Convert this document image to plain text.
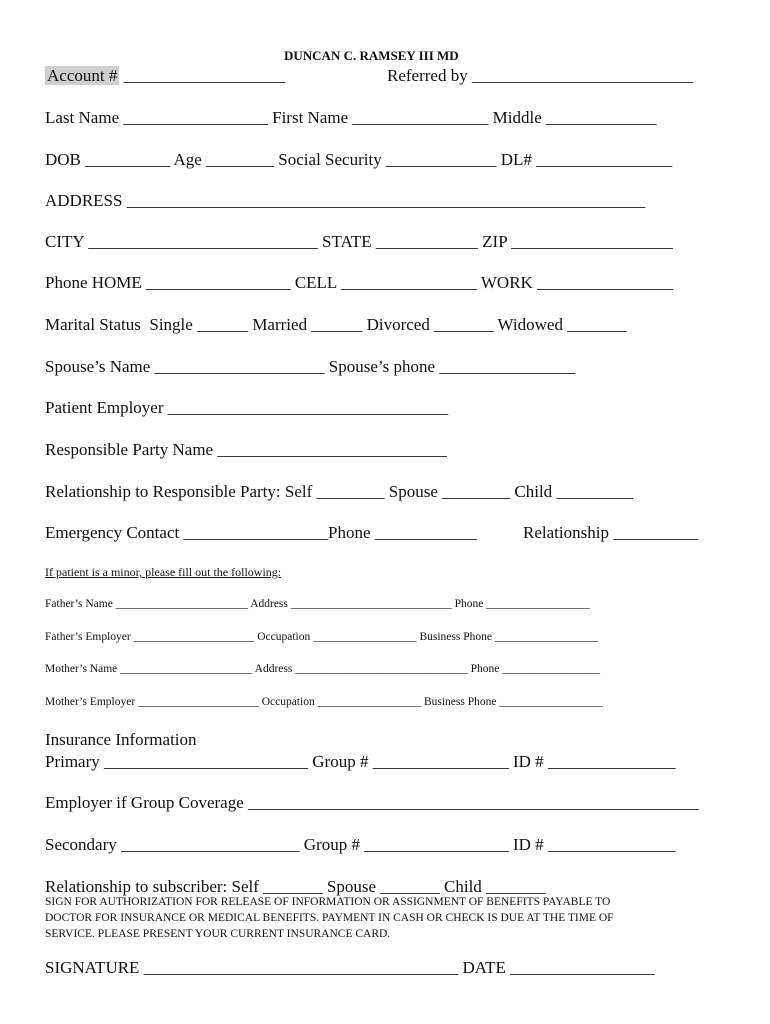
DUNCAN C. RAMSEY III MD
Account # ___________________	Referred by __________________________
Last Name _________________ First Name ________________ Middle _____________
DOB __________ Age ________ Social Security _____________ DL# ________________
ADDRESS _____________________________________________________________
CITY ___________________________ STATE ____________ ZIP ___________________
Phone HOME _________________ CELL ________________ WORK ________________
Marital Status Single ______ Married ______ Divorced _______ Widowed _______
Spouse’s Name ____________________ Spouse’s phone ________________
Patient Employer _________________________________
Responsible Party Name ___________________________
Relationship to Responsible Party: Self ________ Spouse ________ Child _________
Emergency Contact _________________Phone ____________	Relationship __________
If patient is a minor, please fill out the following:
Father’s Name _______________________ Address ____________________________ Phone __________________
Father’s Employer _____________________ Occupation __________________ Business Phone __________________
Mother’s Name _______________________ Address ______________________________ Phone _________________
Mother’s Employer _____________________ Occupation __________________ Business Phone __________________
Insurance Information
Primary ________________________ Group # ________________ ID # _______________
Employer if Group Coverage _____________________________________________________
Secondary _____________________ Group # _________________ ID # _______________
Relationship to subscriber: Self _______ Spouse _______ Child _______
SIGN FOR AUTHORIZATION FOR RELEASE OF INFORMATION OR ASSIGNMENT OF BENEFITS PAYABLE TO
DOCTOR FOR INSURANCE OR MEDICAL BENEFITS. PAYMENT IN CASH OR CHECK IS DUE AT THE TIME OF
SERVICE. PLEASE PRESENT YOUR CURRENT INSURANCE CARD.
SIGNATURE _____________________________________ DATE _________________
